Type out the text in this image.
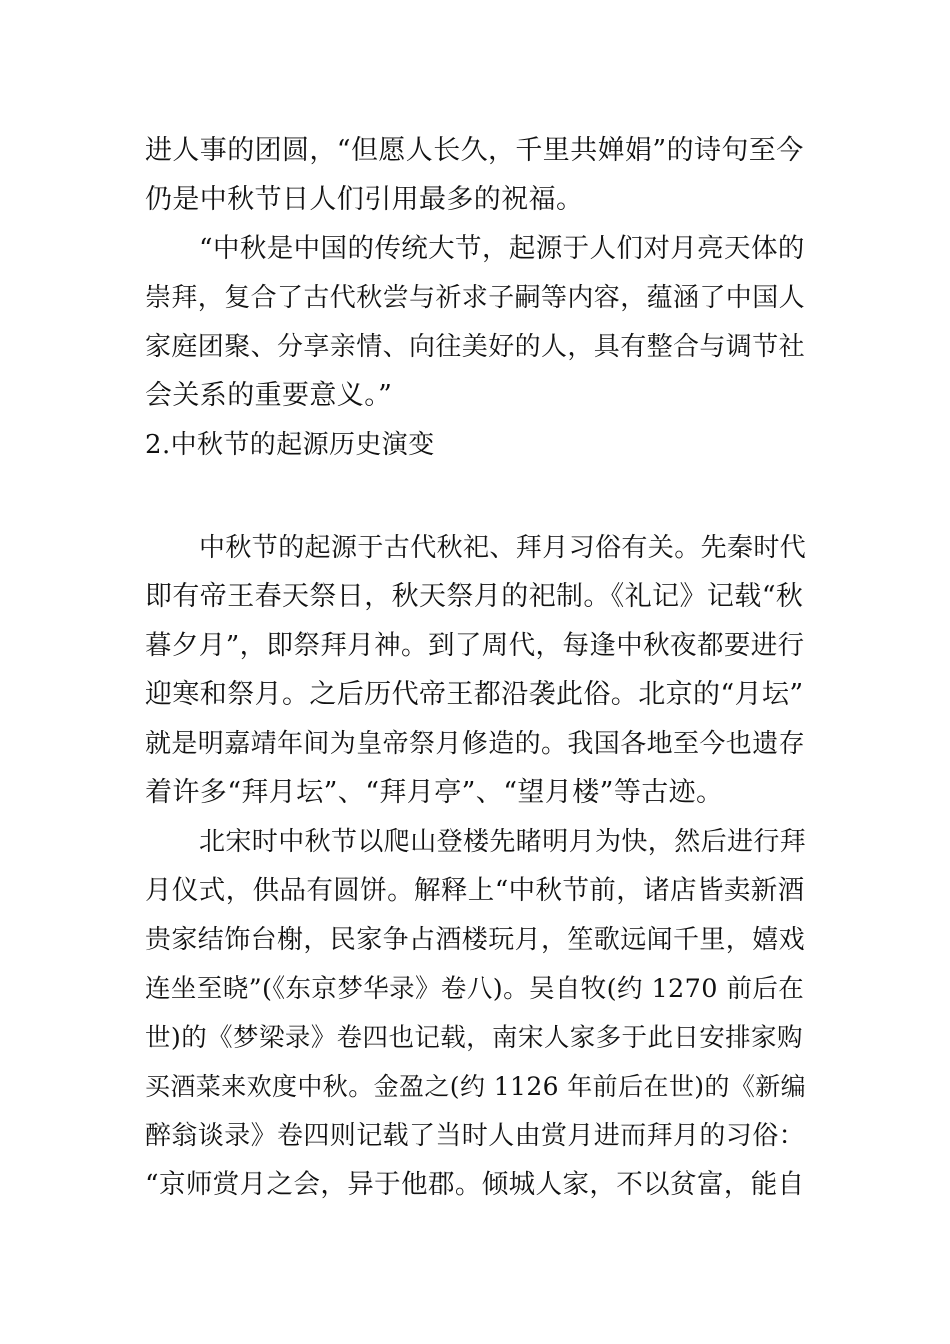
进人事的团圆，“但愿人长久，千里共婵娟”的诗句至今
仍是中秋节日人们引用最多的祝福。
“中秋是中国的传统大节，起源于人们对月亮天体的
崇拜，复合了古代秋尝与祈求子嗣等内容，蕴涵了中国人
家庭团聚、分享亲情、向往美好的人，具有整合与调节社
会关系的重要意义。”
2.中秋节的起源历史演变
中秋节的起源于古代秋祀、拜月习俗有关。先秦时代
即有帝王春天祭日，秋天祭月的祀制。《礼记》记载“秋
暮夕月”，即祭拜月神。到了周代，每逢中秋夜都要进行
迎寒和祭月。之后历代帝王都沿袭此俗。北京的“月坛”
就是明嘉靖年间为皇帝祭月修造的。我国各地至今也遗存
着许多“拜月坛”、“拜月亭”、“望月楼”等古迹。
北宋时中秋节以爬山登楼先睹明月为快，然后进行拜
月仪式，供品有圆饼。解释上“中秋节前，诸店皆卖新酒
贵家结饰台榭，民家争占酒楼玩月，笙歌远闻千里，嬉戏
连坐至晓”(《东京梦华录》卷八)。吴自牧(约 1270 前后在
世)的《梦梁录》卷四也记载，南宋人家多于此日安排家购
买酒菜来欢度中秋。金盈之(约 1126 年前后在世)的《新编
醉翁谈录》卷四则记载了当时人由赏月进而拜月的习俗：
“京师赏月之会，异于他郡。倾城人家，不以贫富，能自
